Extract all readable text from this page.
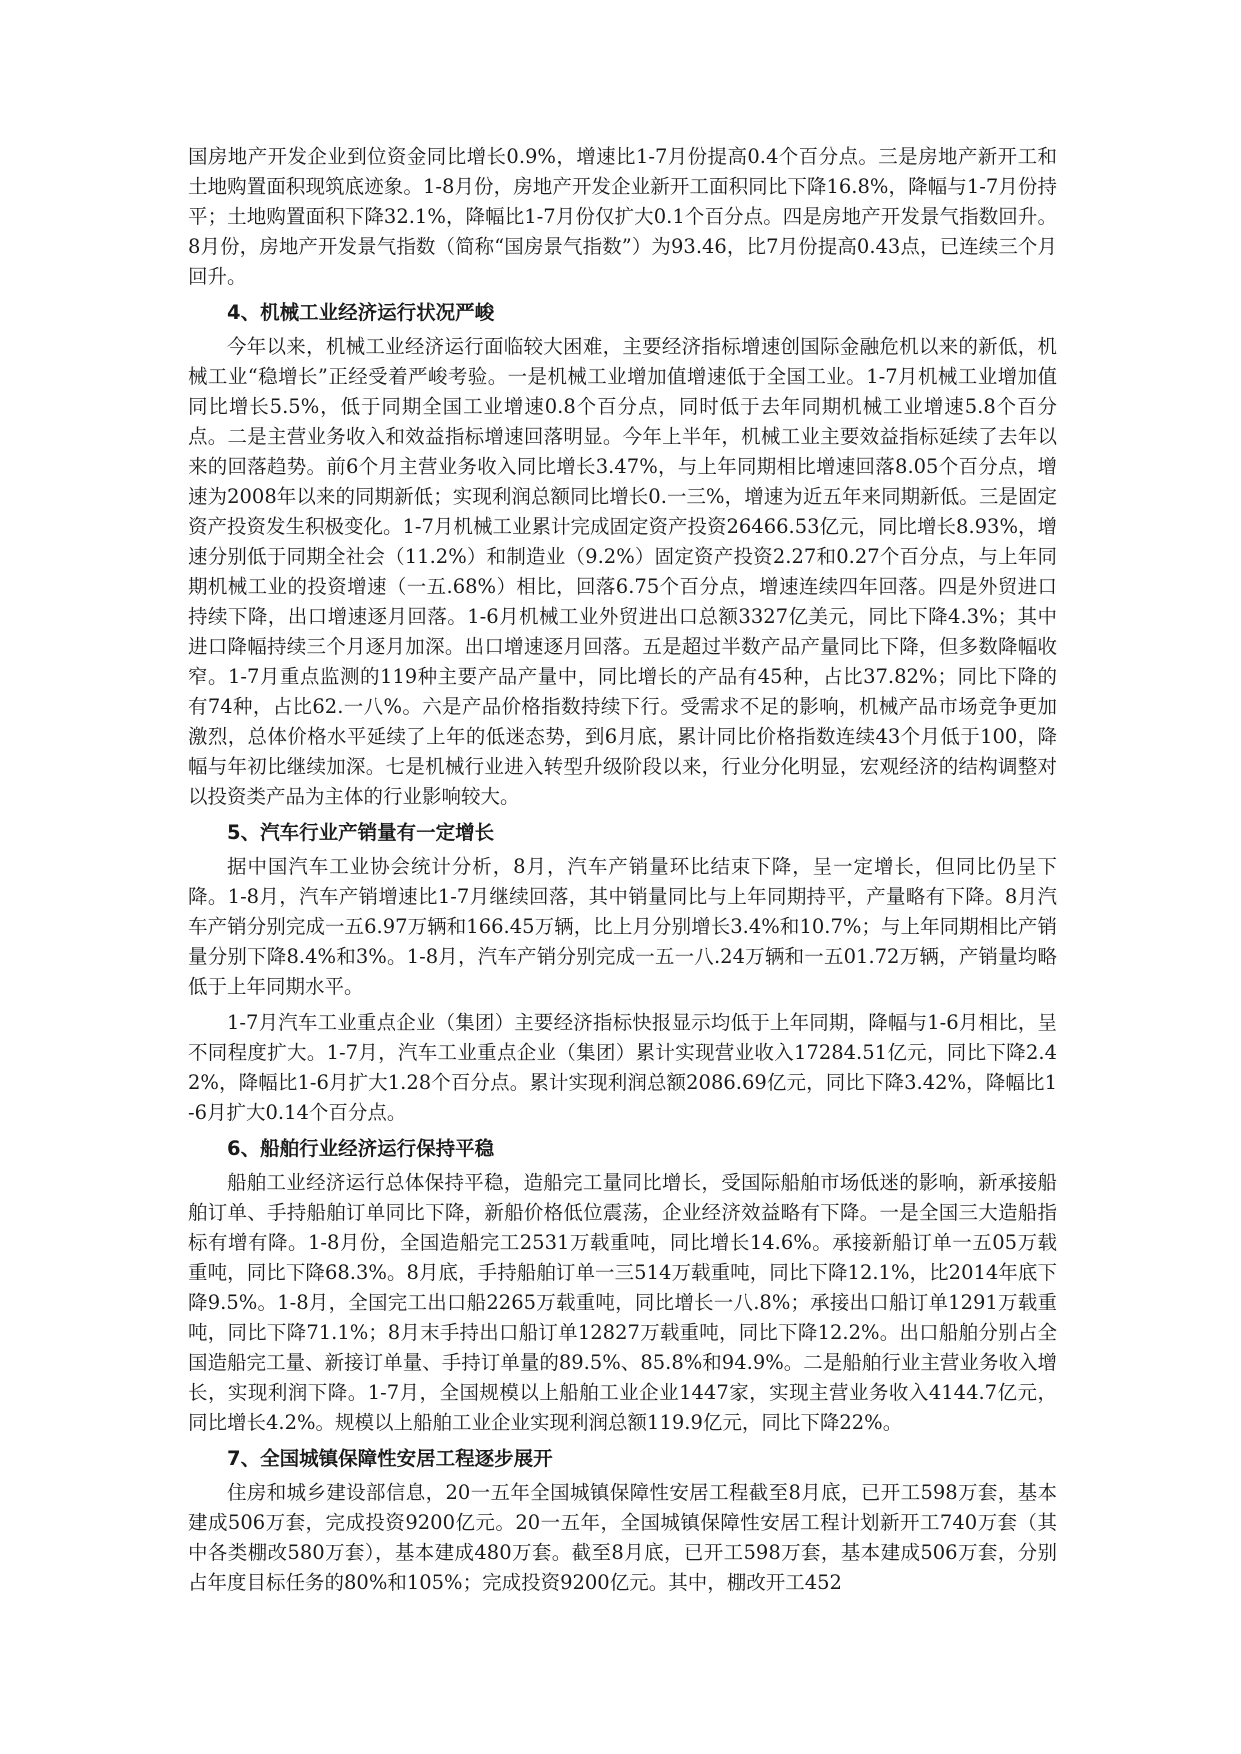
国房地产开发企业到位资金同比增长0.9%，增速比1-7月份提高0.4个百分点。三是房地产新开工和土地购置面积现筑底迹象。1-8月份，房地产开发企业新开工面积同比下降16.8%，降幅与1-7月份持平；土地购置面积下降32.1%，降幅比1-7月份仅扩大0.1个百分点。四是房地产开发景气指数回升。8月份，房地产开发景气指数（简称“国房景气指数”）为93.46，比7月份提高0.43点，已连续三个月回升。

4、机械工业经济运行状况严峻

今年以来，机械工业经济运行面临较大困难，主要经济指标增速创国际金融危机以来的新低，机械工业“稳增长”正经受着严峻考验。一是机械工业增加值增速低于全国工业。1-7月机械工业增加值同比增长5.5%，低于同期全国工业增速0.8个百分点，同时低于去年同期机械工业增速5.8个百分点。二是主营业务收入和效益指标增速回落明显。今年上半年，机械工业主要效益指标延续了去年以来的回落趋势。前6个月主营业务收入同比增长3.47%，与上年同期相比增速回落8.05个百分点，增速为2008年以来的同期新低；实现利润总额同比增长0.一三%，增速为近五年来同期新低。三是固定资产投资发生积极变化。1-7月机械工业累计完成固定资产投资26466.53亿元，同比增长8.93%，增速分别低于同期全社会（11.2%）和制造业（9.2%）固定资产投资2.27和0.27个百分点，与上年同期机械工业的投资增速（一五.68%）相比，回落6.75个百分点，增速连续四年回落。四是外贸进口持续下降，出口增速逐月回落。1-6月机械工业外贸进出口总额3327亿美元，同比下降4.3%；其中进口降幅持续三个月逐月加深。出口增速逐月回落。五是超过半数产品产量同比下降，但多数降幅收窄。1-7月重点监测的119种主要产品产量中，同比增长的产品有45种，占比37.82%；同比下降的有74种，占比62.一八%。六是产品价格指数持续下行。受需求不足的影响，机械产品市场竞争更加激烈，总体价格水平延续了上年的低迷态势，到6月底，累计同比价格指数连续43个月低于100，降幅与年初比继续加深。七是机械行业进入转型升级阶段以来，行业分化明显，宏观经济的结构调整对以投资类产品为主体的行业影响较大。

5、汽车行业产销量有一定增长

据中国汽车工业协会统计分析，8月，汽车产销量环比结束下降，呈一定增长，但同比仍呈下降。1-8月，汽车产销增速比1-7月继续回落，其中销量同比与上年同期持平，产量略有下降。8月汽车产销分别完成一五6.97万辆和166.45万辆，比上月分别增长3.4%和10.7%；与上年同期相比产销量分别下降8.4%和3%。1-8月，汽车产销分别完成一五一八.24万辆和一五01.72万辆，产销量均略低于上年同期水平。

1-7月汽车工业重点企业（集团）主要经济指标快报显示均低于上年同期，降幅与1-6月相比，呈不同程度扩大。1-7月，汽车工业重点企业（集团）累计实现营业收入17284.51亿元，同比下降2.42%，降幅比1-6月扩大1.28个百分点。累计实现利润总额2086.69亿元，同比下降3.42%，降幅比1-6月扩大0.14个百分点。

6、船舶行业经济运行保持平稳

船舶工业经济运行总体保持平稳，造船完工量同比增长，受国际船舶市场低迷的影响，新承接船舶订单、手持船舶订单同比下降，新船价格低位震荡，企业经济效益略有下降。一是全国三大造船指标有增有降。1-8月份，全国造船完工2531万载重吨，同比增长14.6%。承接新船订单一五05万载重吨，同比下降68.3%。8月底，手持船舶订单一三514万载重吨，同比下降12.1%，比2014年底下降9.5%。1-8月，全国完工出口船2265万载重吨，同比增长一八.8%；承接出口船订单1291万载重吨，同比下降71.1%；8月末手持出口船订单12827万载重吨，同比下降12.2%。出口船舶分别占全国造船完工量、新接订单量、手持订单量的89.5%、85.8%和94.9%。二是船舶行业主营业务收入增长，实现利润下降。1-7月，全国规模以上船舶工业企业1447家，实现主营业务收入4144.7亿元，同比增长4.2%。规模以上船舶工业企业实现利润总额119.9亿元，同比下降22%。

7、全国城镇保障性安居工程逐步展开

住房和城乡建设部信息，20一五年全国城镇保障性安居工程截至8月底，已开工598万套，基本建成506万套，完成投资9200亿元。20一五年，全国城镇保障性安居工程计划新开工740万套（其中各类棚改580万套），基本建成480万套。截至8月底，已开工598万套，基本建成506万套，分别占年度目标任务的80%和105%；完成投资9200亿元。其中，棚改开工452
